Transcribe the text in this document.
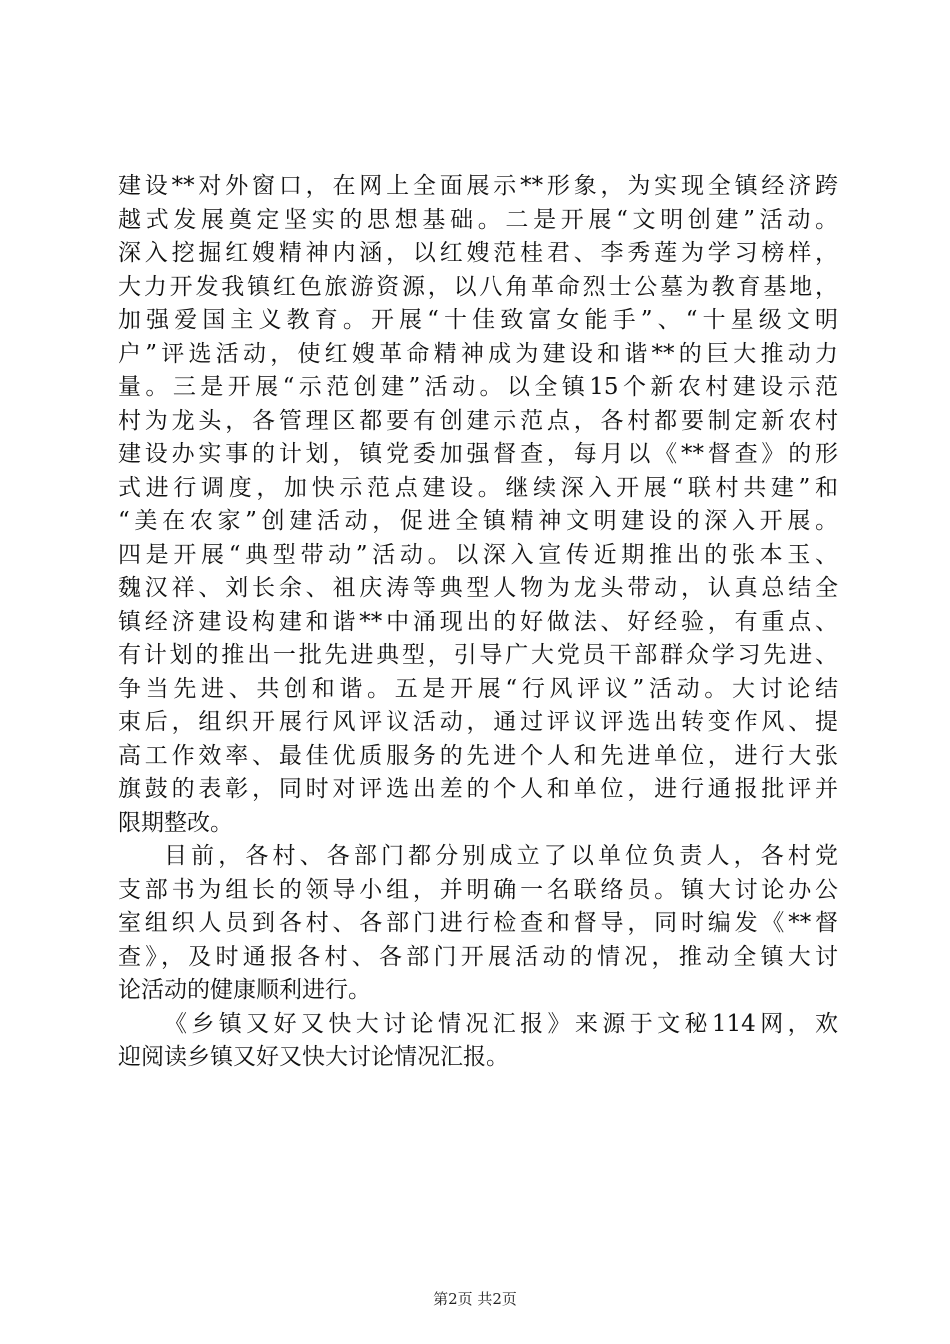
建设**对外窗口，在网上全面展示**形象，为实现全镇经济跨
越式发展奠定坚实的思想基础。二是开展“文明创建”活动。
深入挖掘红嫂精神内涵，以红嫂范桂君、李秀莲为学习榜样，
大力开发我镇红色旅游资源，以八角革命烈士公墓为教育基地，
加强爱国主义教育。开展“十佳致富女能手”、“十星级文明
户”评选活动，使红嫂革命精神成为建设和谐**的巨大推动力
量。三是开展“示范创建”活动。以全镇15个新农村建设示范
村为龙头，各管理区都要有创建示范点，各村都要制定新农村
建设办实事的计划，镇党委加强督查，每月以《**督查》的形
式进行调度，加快示范点建设。继续深入开展“联村共建”和
“美在农家”创建活动，促进全镇精神文明建设的深入开展。
四是开展“典型带动”活动。以深入宣传近期推出的张本玉、
魏汉祥、刘长余、祖庆涛等典型人物为龙头带动，认真总结全
镇经济建设构建和谐**中涌现出的好做法、好经验，有重点、
有计划的推出一批先进典型，引导广大党员干部群众学习先进、
争当先进、共创和谐。五是开展“行风评议”活动。大讨论结
束后，组织开展行风评议活动，通过评议评选出转变作风、提
高工作效率、最佳优质服务的先进个人和先进单位，进行大张
旗鼓的表彰，同时对评选出差的个人和单位，进行通报批评并
限期整改。
目前，各村、各部门都分别成立了以单位负责人，各村党
支部书为组长的领导小组，并明确一名联络员。镇大讨论办公
室组织人员到各村、各部门进行检查和督导，同时编发《**督
查》，及时通报各村、各部门开展活动的情况，推动全镇大讨
论活动的健康顺利进行。
《乡镇又好又快大讨论情况汇报》来源于文秘114网，欢
迎阅读乡镇又好又快大讨论情况汇报。
第2页 共2页
